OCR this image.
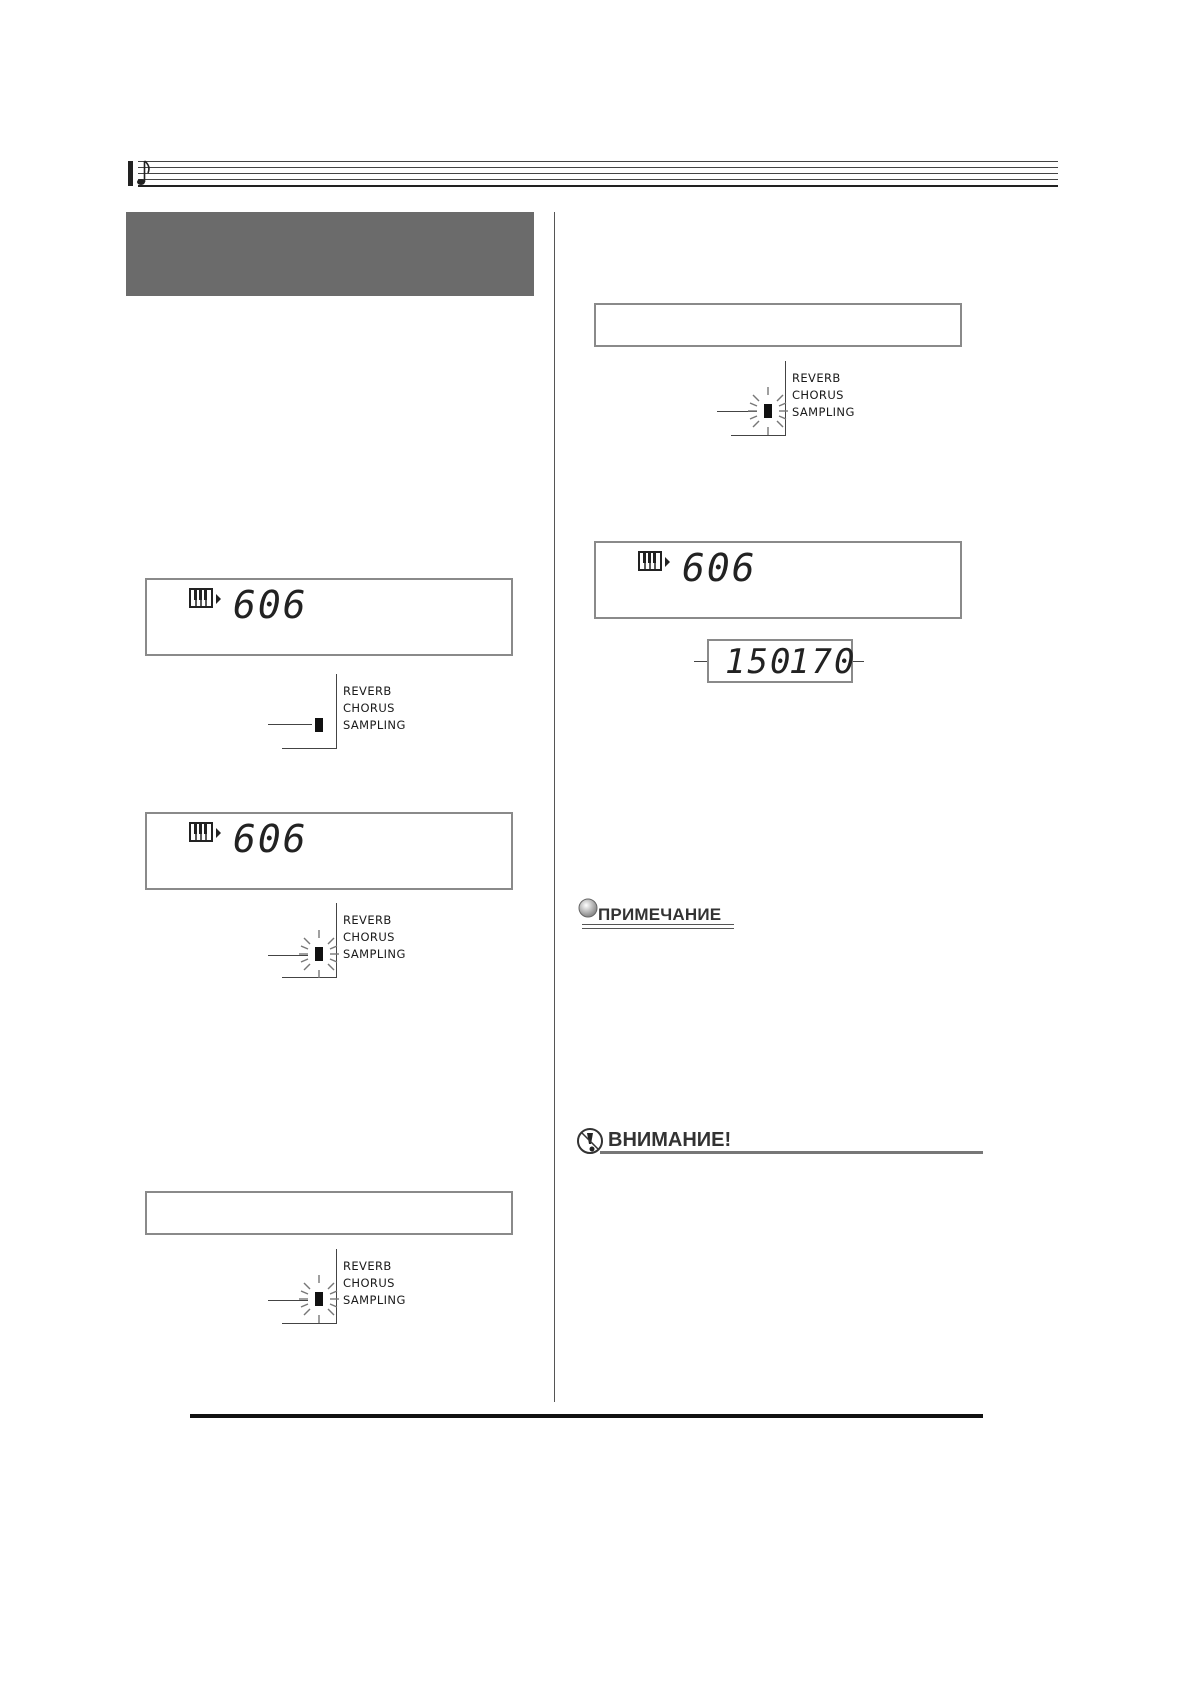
606
REVERB
CHORUS
SAMPLING
606
REVERB
CHORUS
SAMPLING
REVERB
CHORUS
SAMPLING
REVERB
CHORUS
SAMPLING
606
150
170
ПРИМЕЧАНИЕ
ВНИМАНИЕ!
